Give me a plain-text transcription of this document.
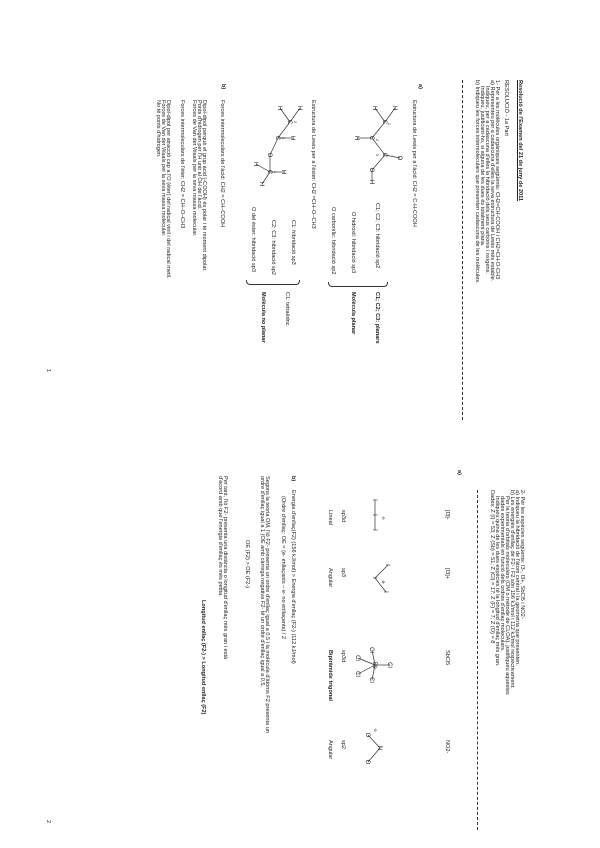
Resolució de l'Examen del 21 de juny de 2011
RESOLUCIÓ - 1a Part
1- Per a les molècules orgàniques següents: CH2=CH-COOH i CH2=CH-O-CH3
a) Representeu per a cadascuna d'elles la seva estructura de Lewis més estable.
Indiqueu, per a cadascuna d'elles la hibridació dels seus carbonis i oxígens.
Indiqueu, justificant-ho, si alguna de les dues és totalment plana.
b) Indiqueu les forces intermoleculars que presenten cadascuna de les molècules.
a)
Estructura de Lewis per a l'àcid: CH2 = C-H-COOH
H
H
C
C
H
C
O
O
H
1
2
3
C1; C2; C3: hibridació sp2
O hidroxil: hibridació sp3
O carbonílic: hibridació sp2
C1; C2; C3: planars
Molècula planar
Estructura de Lewis per a l'èster: CH2 =CH–O–CH3
H
H
C
C H
O
C H
H
H
1
2
3
C1: hibridació sp3
C2; C3: hibridació sp2
O del èster: hibridació sp3
C1: tetraèdric
Molècula no planar
b)
Forces intermoleculars de l'àcid: CH2 = CH–COOH
Dipol-dipol perquè el grup àcid (-COOH) és polar i té moment dipolar.
Ponts d'hidrogen per l'H unit al OH de l'àcid.
Forces de Van der Waals per la seva massa molecular.
Forces intermoleculars de l'èter: CH2 = CH–O–CH3
Dipol-dipol per atracció cap a l'O (èter) del radical vinil i del radical metil.
Forces de Van der Waals per la seva massa molecular.
No té ponts d'hidrogen.
1
2- Per les espècies següents: I3-, I3+, SbCl5 i NO2-
a) Indiqueu la hibridació de l'àtom central i la geometria que presenten.
b) Les energies d'enllaç de F2- i F2 són 156 kJ/mol i 112 kJ/mol respectivament.
Per la teoria d'orbitals moleculars (OM o mètode de CLOA), justifiqueu aquestes
dades experimentals en funció dels ordres d'enllaç moleculars.
Indiqueu quina de les dues espècies té la longitud d'enllaç més gran.
Dades: Z (I) = 53; Z (Sb) = 51; Z (Cl) = 17; Z (F) = 7; Z (O) = 8
a)
[I3]-
sp3d
Lineal
[I3]+
sp3
Angular
SbCl5
sp3d
Bipiràmide trigonal
NO2-
sp2
Angular
I
I
I
⊖
I
I
I
⊕
Sb Cl
Cl
Cl
Cl
Cl
O
N
O
⊖
b)
Energia d'enllaç(F2) (156 kJ/mol) > Energia d'enllaç (F2-) (112 kJ/mol)
(Ordre d'enllaç: OE = (e- enllaçants – e- no enllaçants) / 2
Segons la teoria OM, l'ió F2- presenta un ordre d'enllaç igual a 0,5 i la molècula d'àtoms F2 presenta un
ordre d'enllaç igual a 1 (OE amb càrrega negativa F2- té un ordre d'enllaç igual a 0,5.
OE (F2) > OE (F2-)
Per tant, l'ió F2- presenta una distància o longitud d'enllaç més gran i està
d'acord amb que l'energia d'enllaç és més petita.
Longitud enllaç (F2-) > Longitud enllaç (F2)
2
